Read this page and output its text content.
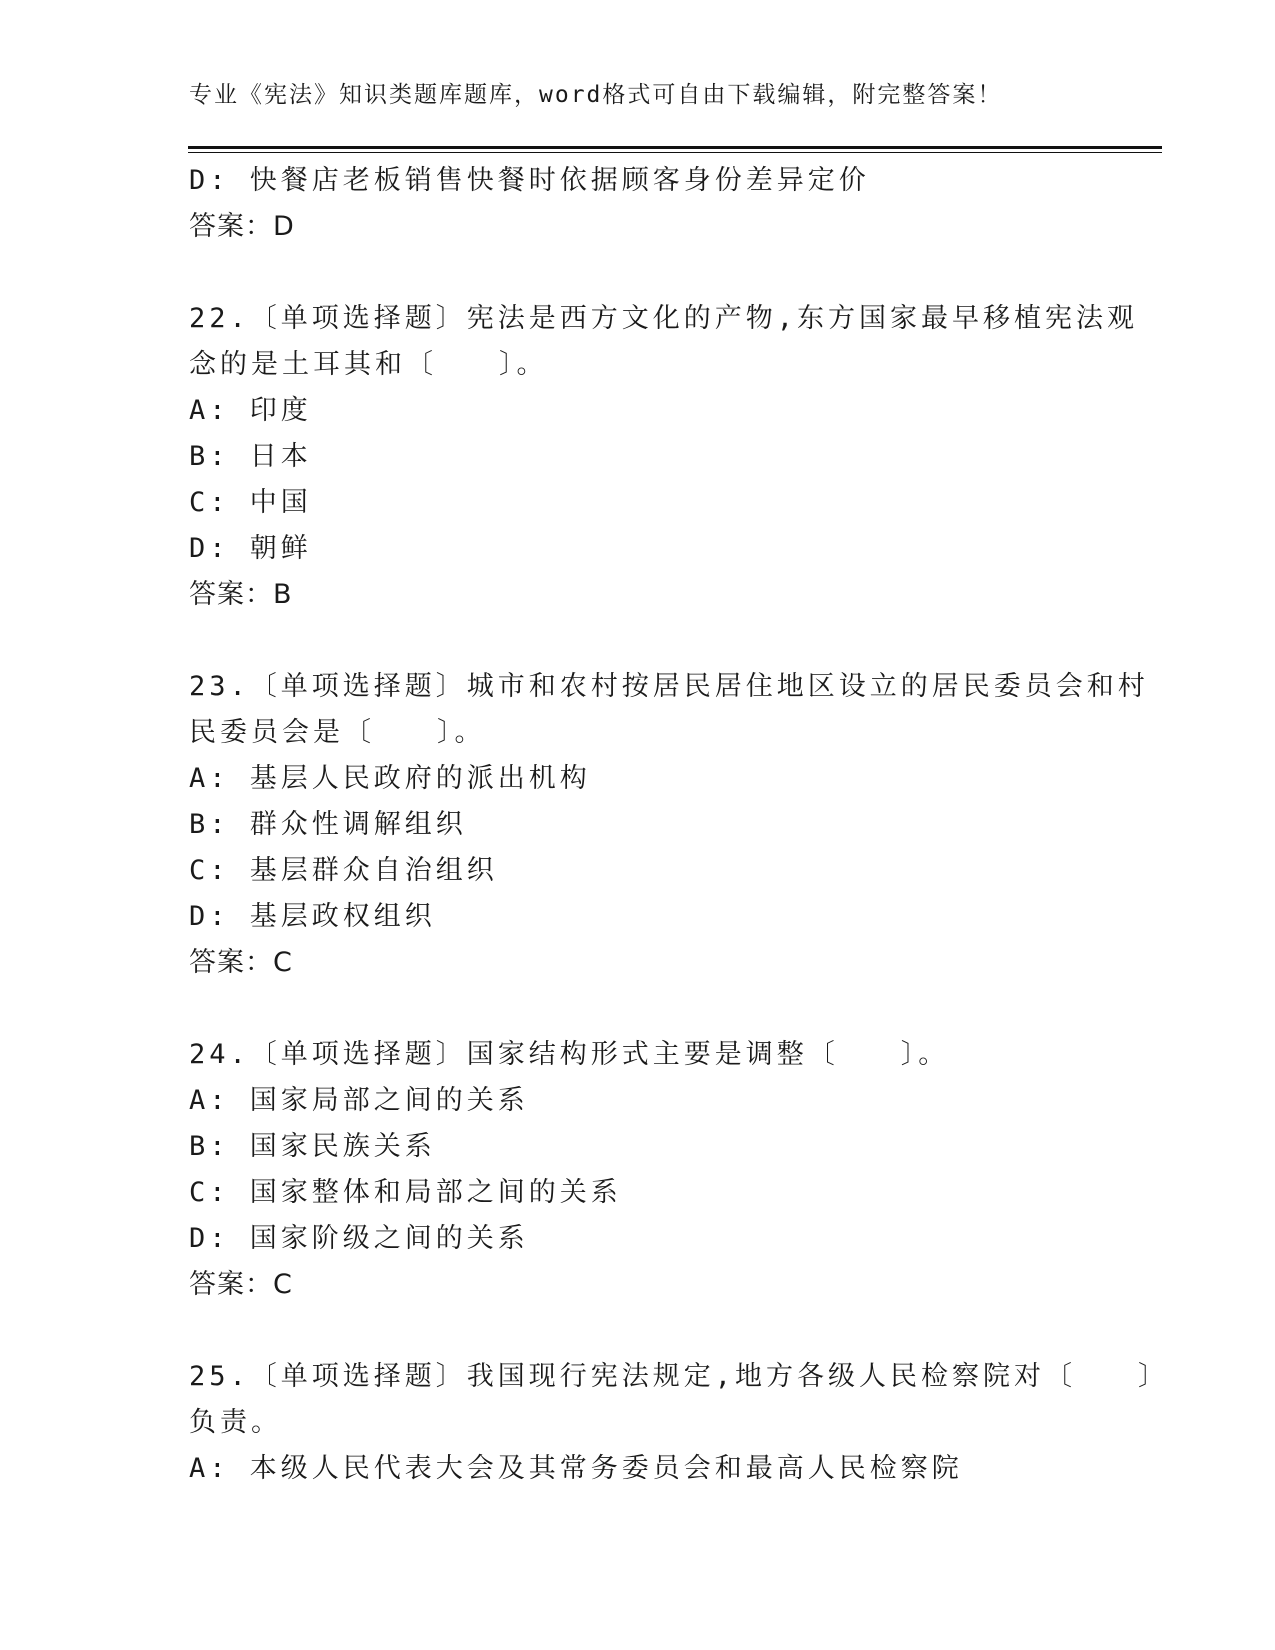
专业《宪法》知识类题库题库，word格式可自由下载编辑，附完整答案！
D: 快餐店老板销售快餐时依据顾客身份差异定价
答案：D
22.〔单项选择题〕宪法是西方文化的产物,东方国家最早移植宪法观
念的是土耳其和〔　　〕。
A: 印度
B: 日本
C: 中国
D: 朝鲜
答案：B
23.〔单项选择题〕城市和农村按居民居住地区设立的居民委员会和村
民委员会是〔　　〕。
A: 基层人民政府的派出机构
B: 群众性调解组织
C: 基层群众自治组织
D: 基层政权组织
答案：C
24.〔单项选择题〕国家结构形式主要是调整〔　　〕。
A: 国家局部之间的关系
B: 国家民族关系
C: 国家整体和局部之间的关系
D: 国家阶级之间的关系
答案：C
25.〔单项选择题〕我国现行宪法规定,地方各级人民检察院对〔　　〕
负责。
A: 本级人民代表大会及其常务委员会和最高人民检察院
